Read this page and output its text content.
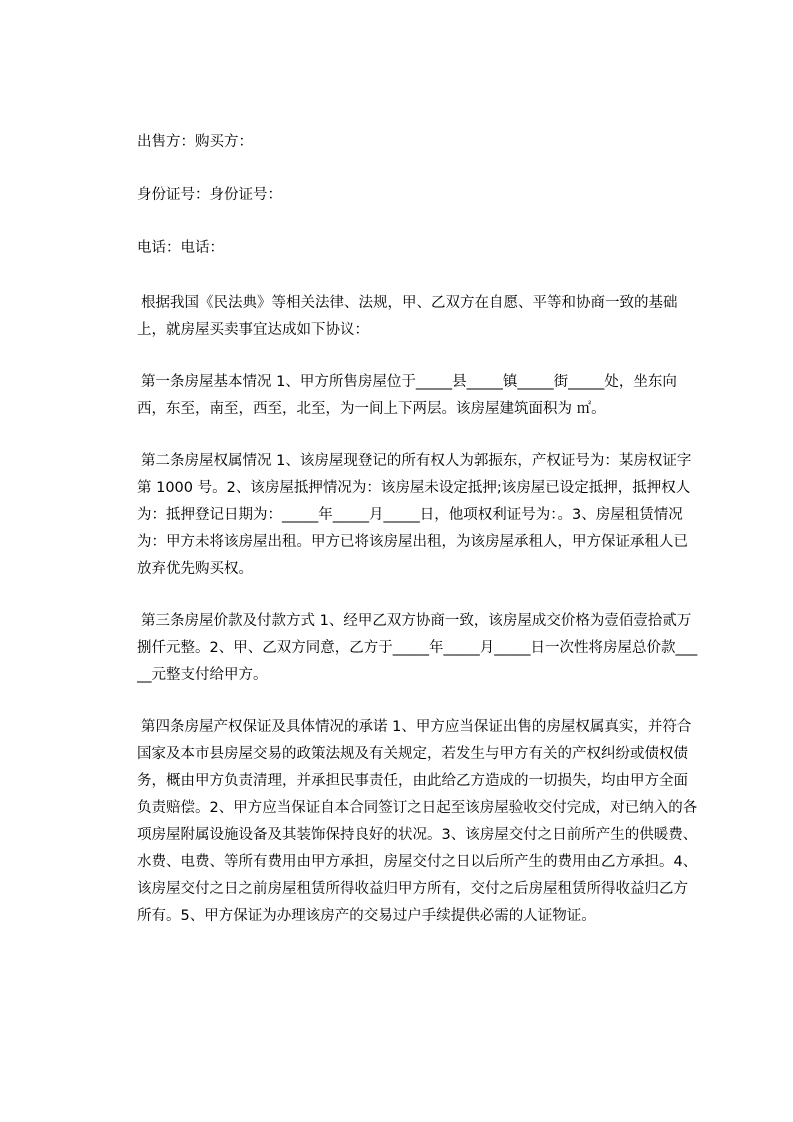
出售方：购买方：
身份证号：身份证号：
电话：电话：
根据我国《民法典》等相关法律、法规，甲、乙双方在自愿、平等和协商一致的基础上，就房屋买卖事宜达成如下协议：
第一条房屋基本情况 1、甲方所售房屋位于_____县_____镇_____街_____处，坐东向西，东至，南至，西至，北至，为一间上下两层。该房屋建筑面积为 ㎡。
第二条房屋权属情况 1、该房屋现登记的所有权人为郭振东，产权证号为：某房权证字第 1000 号。2、该房屋抵押情况为：该房屋未设定抵押;该房屋已设定抵押，抵押权人为：抵押登记日期为：_____年_____月_____日，他项权利证号为：。3、房屋租赁情况为：甲方未将该房屋出租。甲方已将该房屋出租，为该房屋承租人，甲方保证承租人已放弃优先购买权。
第三条房屋价款及付款方式 1、经甲乙双方协商一致，该房屋成交价格为壹佰壹拾贰万捌仟元整。2、甲、乙双方同意，乙方于_____年_____月_____日一次性将房屋总价款_____元整支付给甲方。
第四条房屋产权保证及具体情况的承诺 1、甲方应当保证出售的房屋权属真实，并符合国家及本市县房屋交易的政策法规及有关规定，若发生与甲方有关的产权纠纷或债权债务，概由甲方负责清理，并承担民事责任，由此给乙方造成的一切损失，均由甲方全面负责赔偿。2、甲方应当保证自本合同签订之日起至该房屋验收交付完成，对已纳入的各项房屋附属设施设备及其装饰保持良好的状况。3、该房屋交付之日前所产生的供暖费、水费、电费、等所有费用由甲方承担，房屋交付之日以后所产生的费用由乙方承担。4、该房屋交付之日之前房屋租赁所得收益归甲方所有，交付之后房屋租赁所得收益归乙方所有。5、甲方保证为办理该房产的交易过户手续提供必需的人证物证。
